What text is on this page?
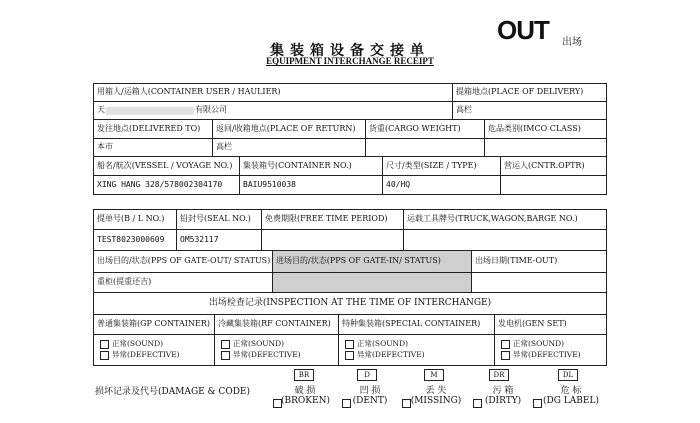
集装箱设备交接单
EQUIPMENT INTERCHANGE RECEIPT
OUT 出场
用箱人/运箱人(CONTAINER USER / HAULIER)	提箱地点(PLACE OF DELIVERY)
天	有限公司	高栏
发往地点(DELIVERED TO)	返回/收箱地点(PLACE OF RETURN)	货重(CARGO WEIGHT)	危品类别(IMCO CLASS)
本市	高栏
船名/航次(VESSEL / VOYAGE NO.)	集装箱号(CONTAINER NO.)	尺寸/类型(SIZE / TYPE)	营运人(CNTR.OPTR)
XING HANG 328/578002304170	BAIU9510038	40/HQ
提单号(B / L NO.)	铅封号(SEAL NO.)	免费期限(FREE TIME PERIOD)	运载工具牌号(TRUCK,WAGON,BARGE NO.)
TEST8023000609	OM532117
出场目的/状态(PPS OF GATE-OUT/ STATUS) 进场目的/状态(PPS OF GATE-IN/ STATUS)	出场日期(TIME-OUT)
重柜(提重还吉)
出场检查记录(INSPECTION AT THE TIME OF INTERCHANGE)
普通集装箱(GP CONTAINER)	冷藏集装箱(RF CONTAINER)	特种集装箱(SPECIAL CONTAINER)	发电机(GEN SET)
正常(SOUND)
异常(DEFECTIVE)
正常(SOUND)
异常(DEFECTIVE)
正常(SOUND)
异常(DEFECTIVE)
正常(SOUND)
异常(DEFECTIVE)
损坏记录及代号(DAMAGE & CODE)
BR
破 损
(BROKEN)
D
凹 损
(DENT)
M
丢 失
(MISSING)
DR
污 箱
(DIRTY)
DL
危 标
(DG LABEL)
